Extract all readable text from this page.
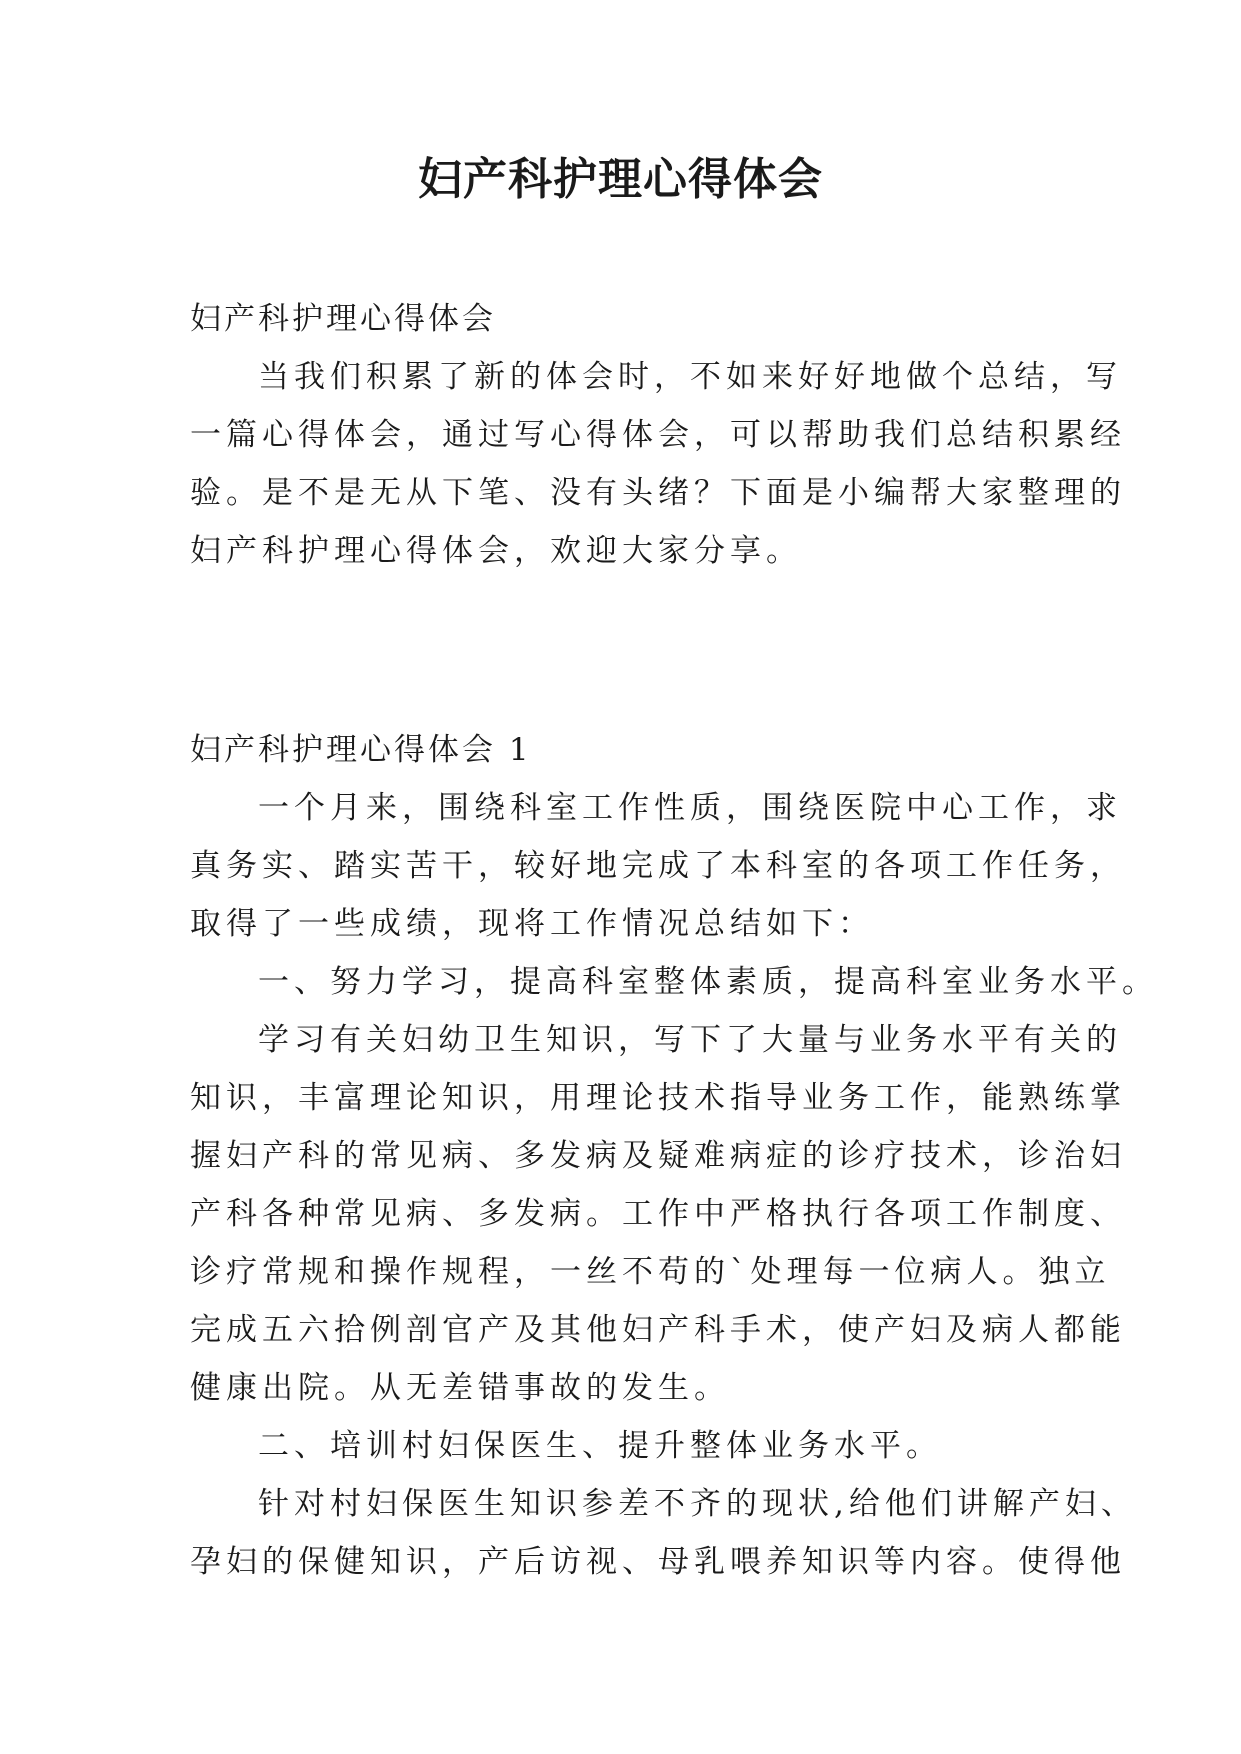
妇产科护理心得体会
妇产科护理心得体会
当我们积累了新的体会时，不如来好好地做个总结，写
一篇心得体会，通过写心得体会，可以帮助我们总结积累经
验。是不是无从下笔、没有头绪？下面是小编帮大家整理的
妇产科护理心得体会，欢迎大家分享。
妇产科护理心得体会 1
一个月来，围绕科室工作性质，围绕医院中心工作，求
真务实、踏实苦干，较好地完成了本科室的各项工作任务，
取得了一些成绩，现将工作情况总结如下：
一、努力学习，提高科室整体素质，提高科室业务水平。
学习有关妇幼卫生知识，写下了大量与业务水平有关的
知识，丰富理论知识，用理论技术指导业务工作，能熟练掌
握妇产科的常见病、多发病及疑难病症的诊疗技术，诊治妇
产科各种常见病、多发病。工作中严格执行各项工作制度、
诊疗常规和操作规程，一丝不苟的`处理每一位病人。独立
完成五六拾例剖官产及其他妇产科手术，使产妇及病人都能
健康出院。从无差错事故的发生。
二、培训村妇保医生、提升整体业务水平。
针对村妇保医生知识参差不齐的现状,给他们讲解产妇、
孕妇的保健知识，产后访视、母乳喂养知识等内容。使得他
